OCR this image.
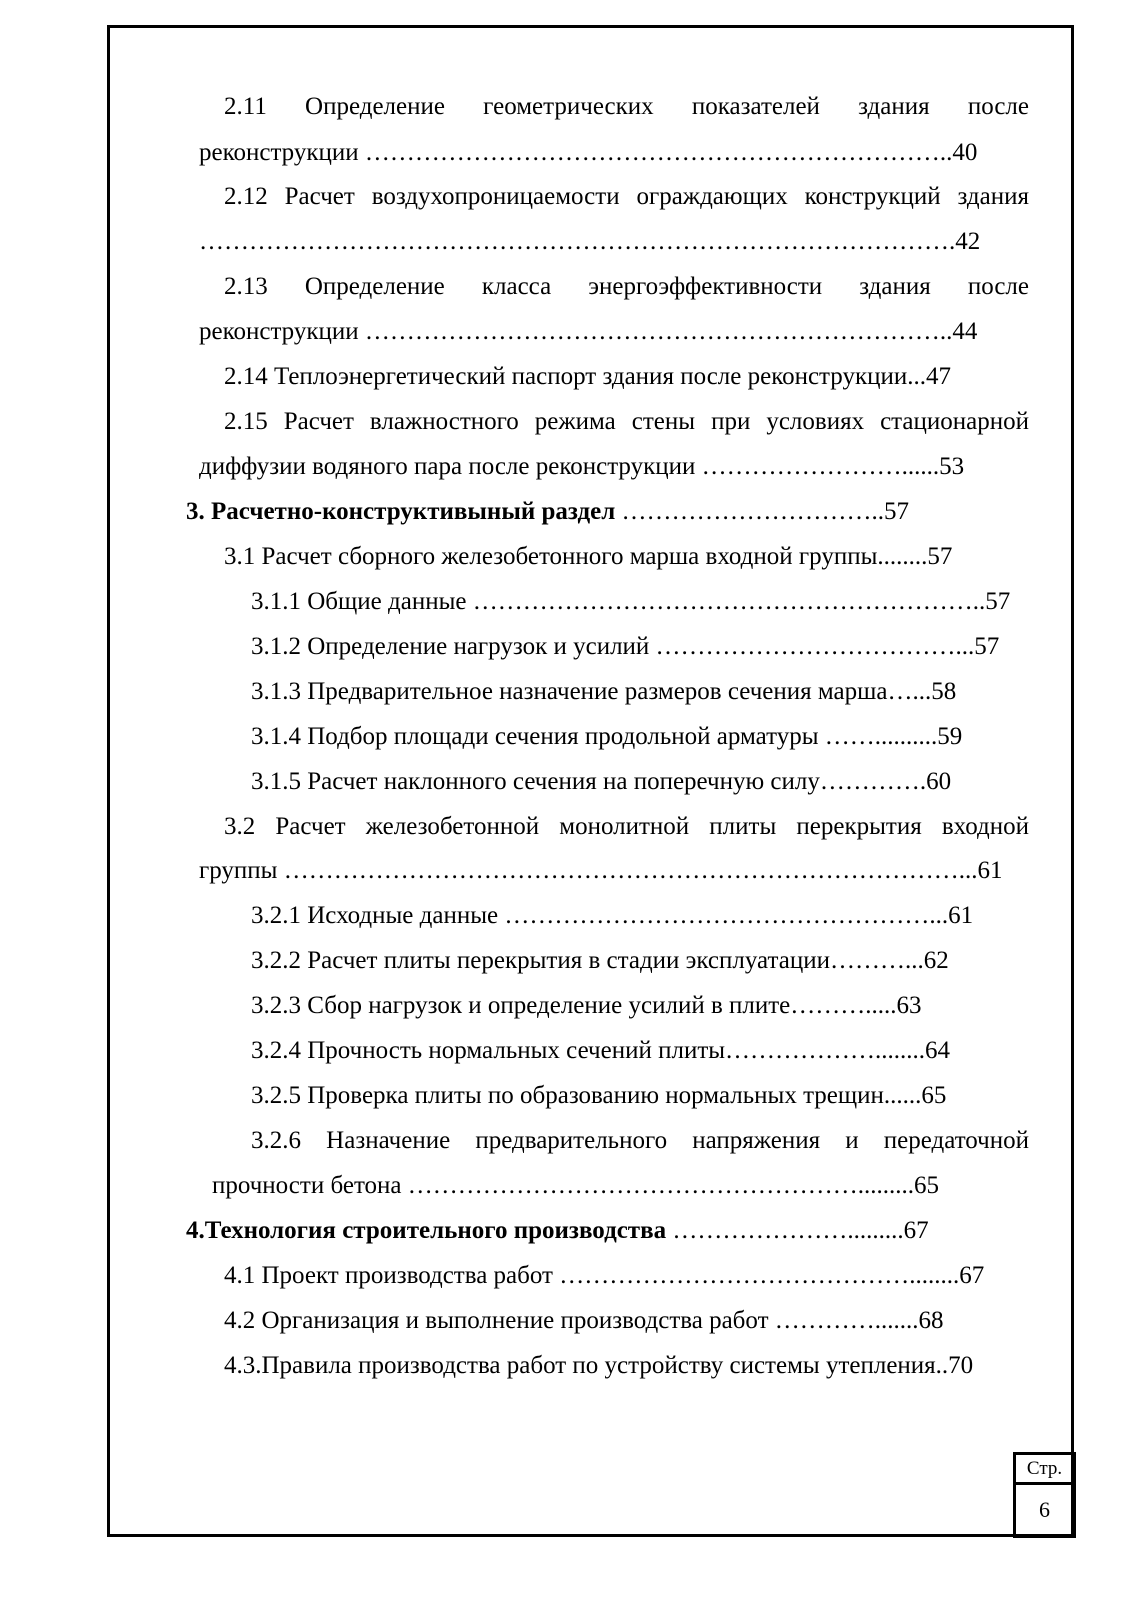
2.11 Определение геометрических показателей здания после
реконструкции ……………………………………………………………..40
2.12 Расчет воздухопроницаемости ограждающих конструкций здания
……………………………………………………………………………….42
2.13 Определение класса энергоэффективности здания после
реконструкции ……………………………………………………………..44
2.14 Теплоэнергетический паспорт здания после реконструкции...47
2.15 Расчет влажностного режима стены при условиях стационарной
диффузии водяного пара после реконструкции ……………………......53
3. Расчетно-конструктивыный раздел …………………………..57
3.1 Расчет сборного железобетонного марша входной группы........57
3.1.1 Общие данные ……………………………………………………..57
3.1.2 Определение нагрузок и усилий ………………………………...57
3.1.3 Предварительное назначение размеров сечения марша…...58
3.1.4 Подбор площади сечения продольной арматуры ……..........59
3.1.5 Расчет наклонного сечения на поперечную силу………….60
3.2 Расчет железобетонной монолитной плиты перекрытия входной
группы ………………………………………………………………………...61
3.2.1 Исходные данные ……………………………………………...61
3.2.2 Расчет плиты перекрытия в стадии эксплуатации………...62
3.2.3 Сбор нагрузок и определение усилий в плите……….....63
3.2.4 Прочность нормальных сечений плиты………………........64
3.2.5 Проверка плиты по образованию нормальных трещин......65
3.2.6 Назначение предварительного напряжения и передаточной
прочности бетона ……………………………………………….........65
4.Технология строительного производства ………………….........67
4.1 Проект производства работ ……………………………………........67
4.2 Организация и выполнение производства работ ………….......68
4.3.Правила производства работ по устройству системы утепления..70
Стр.
6
